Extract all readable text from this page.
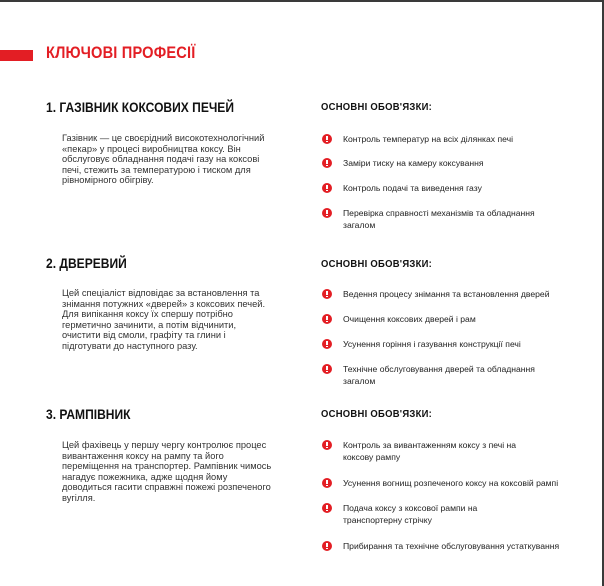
КЛЮЧОВІ ПРОФЕСІЇ
1. ГАЗІВНИК КОКСОВИХ ПЕЧЕЙ
Газівник — це своєрідний високотехнологічний «пекар» у процесі виробництва коксу. Він обслуговує обладнання подачі газу на коксові печі, стежить за температурою і тиском для рівномірного обігріву.
ОСНОВНІ ОБОВ'ЯЗКИ:
Контроль температур на всіх ділянках печі
Заміри тиску на камеру коксування
Контроль подачі та виведення газу
Перевірка справності механізмів та обладнання загалом
2. ДВЕРЕВИЙ
Цей спеціаліст відповідає за встановлення та знімання потужних «дверей» з коксових печей. Для випікання коксу їх спершу потрібно герметично зачинити, а потім відчинити, очистити від смоли, графіту та глини і підготувати до наступного разу.
ОСНОВНІ ОБОВ'ЯЗКИ:
Ведення процесу знімання та встановлення дверей
Очищення коксових дверей і рам
Усунення горіння і газування конструкції печі
Технічне обслуговування дверей та обладнання загалом
3. РАМПІВНИК
Цей фахівець у першу чергу контролює процес вивантаження коксу на рампу та його переміщення на транспортер. Рампівник чимось нагадує пожежника, адже щодня йому доводиться гасити справжні пожежі розпеченого вугілля.
ОСНОВНІ ОБОВ'ЯЗКИ:
Контроль за вивантаженням коксу з печі на коксову рампу
Усунення вогнищ розпеченого коксу на коксовій рампі
Подача коксу з коксової рампи на транспортерну стрічку
Прибирання та технічне обслуговування устаткування
